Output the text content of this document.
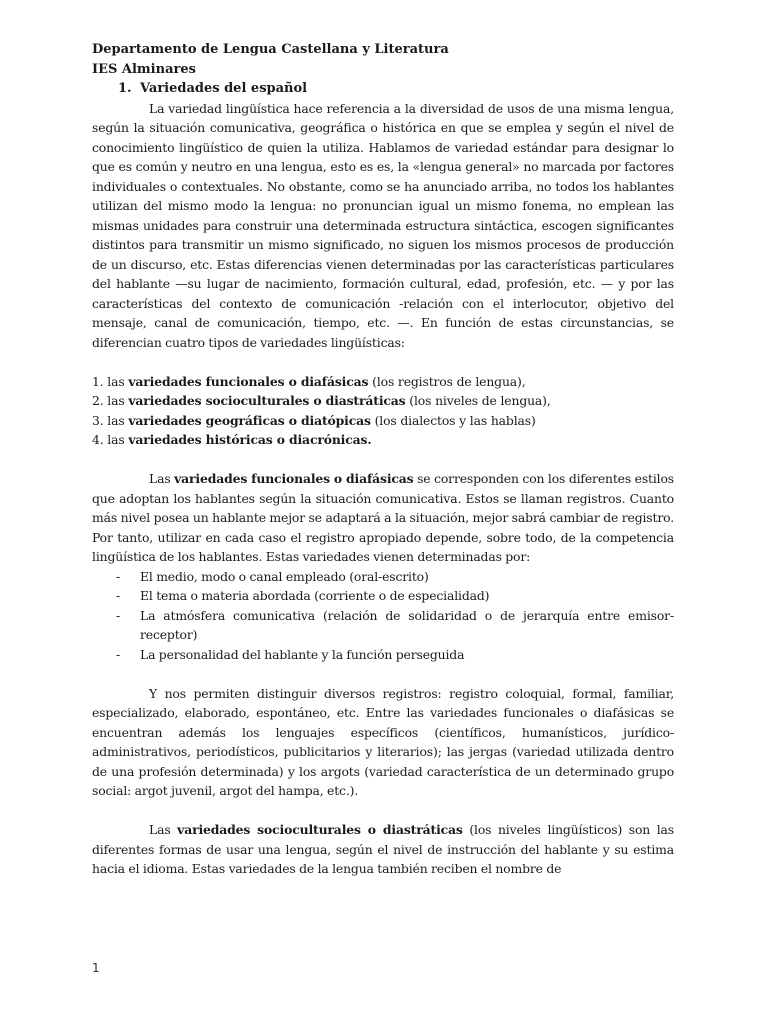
Departamento de Lengua Castellana y Literatura
IES Alminares
1. Variedades del español

La variedad lingüística hace referencia a la diversidad de usos de una misma lengua, según la situación comunicativa, geográfica o histórica en que se emplea y según el nivel de conocimiento lingüístico de quien la utiliza. Hablamos de variedad estándar para designar lo que es común y neutro en una lengua, esto es es, la «lengua general» no marcada por factores individuales o contextuales. No obstante, como se ha anunciado arriba, no todos los hablantes utilizan del mismo modo la lengua: no pronuncian igual un mismo fonema, no emplean las mismas unidades para construir una determinada estructura sintáctica, escogen significantes distintos para transmitir un mismo significado, no siguen los mismos procesos de producción de un discurso, etc. Estas diferencias vienen determinadas por las características particulares del hablante —su lugar de nacimiento, formación cultural, edad, profesión, etc. — y por las características del contexto de comunicación -relación con el interlocutor, objetivo del mensaje, canal de comunicación, tiempo, etc. —. En función de estas circunstancias, se diferencian cuatro tipos de variedades lingüísticas:

1. las variedades funcionales o diafásicas (los registros de lengua),
2. las variedades socioculturales o diastráticas (los niveles de lengua),
3. las variedades geográficas o diatópicas (los dialectos y las hablas)
4. las variedades históricas o diacrónicas.

Las variedades funcionales o diafásicas se corresponden con los diferentes estilos que adoptan los hablantes según la situación comunicativa. Estos se llaman registros. Cuanto más nivel posea un hablante mejor se adaptará a la situación, mejor sabrá cambiar de registro. Por tanto, utilizar en cada caso el registro apropiado depende, sobre todo, de la competencia lingüística de los hablantes. Estas variedades vienen determinadas por:

- El medio, modo o canal empleado (oral-escrito)
- El tema o materia abordada (corriente o de especialidad)
- La atmósfera comunicativa (relación de solidaridad o de jerarquía entre emisor-receptor)
- La personalidad del hablante y la función perseguida

Y nos permiten distinguir diversos registros: registro coloquial, formal, familiar, especializado, elaborado, espontáneo, etc. Entre las variedades funcionales o diafásicas se encuentran además los lenguajes específicos (científicos, humanísticos, jurídico-administrativos, periodísticos, publicitarios y literarios); las jergas (variedad utilizada dentro de una profesión determinada) y los argots (variedad característica de un determinado grupo social: argot juvenil, argot del hampa, etc.).

Las variedades socioculturales o diastráticas (los niveles lingüísticos) son las diferentes formas de usar una lengua, según el nivel de instrucción del hablante y su estima hacia el idioma. Estas variedades de la lengua también reciben el nombre de

1
